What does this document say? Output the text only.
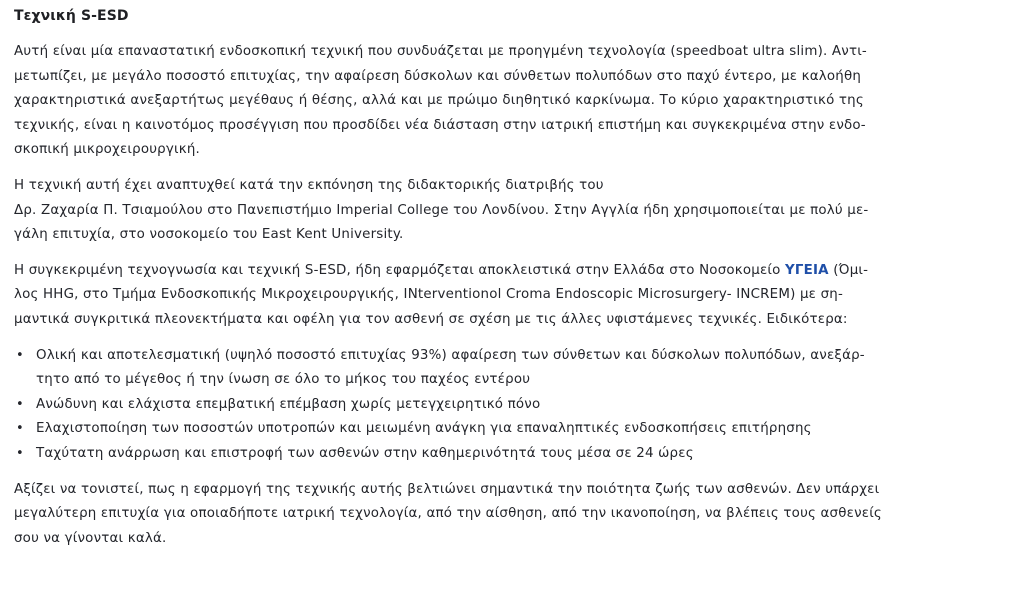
Τεχνική S-ESD

Αυτή είναι μία επαναστατική ενδοσκοπική τεχνική που συνδυάζεται με προηγμένη τεχνολογία (speedboat ultra slim). Αντι-
μετωπίζει, με μεγάλο ποσοστό επιτυχίας, την αφαίρεση δύσκολων και σύνθετων πολυπόδων στο παχύ έντερο, με καλοήθη
χαρακτηριστικά ανεξαρτήτως μεγέθαυς ή θέσης, αλλά και με πρώιμο διηθητικό καρκίνωμα. Το κύριο χαρακτηριστικό της
τεχνικής, είναι η καινοτόμος προσέγγιση που προσδίδει νέα διάσταση στην ιατρική επιστήμη και συγκεκριμένα στην ενδο-
σκοπική μικροχειρουργική.

Η τεχνική αυτή έχει αναπτυχθεί κατά την εκπόνηση της διδακτορικής διατριβής του
Δρ. Ζαχαρία Π. Τσιαμούλου στο Πανεπιστήμιο Imperial College του Λονδίνου. Στην Αγγλία ήδη χρησιμοποιείται με πολύ με-
γάλη επιτυχία, στο νοσοκομείο του East Kent University.

Η συγκεκριμένη τεχνογνωσία και τεχνική S-ESD, ήδη εφαρμόζεται αποκλειστικά στην Ελλάδα στο Νοσοκομείο ΥΓΕΙΑ (Όμι-
λος HHG, στο Τμήμα Ενδοσκοπικής Μικροχειρουργικής, INterventionol Croma Endoscopic Microsurgery- INCREM) με ση-
μαντικά συγκριτικά πλεονεκτήματα και οφέλη για τον ασθενή σε σχέση με τις άλλες υφιστάμενες τεχνικές. Ειδικότερα:

• Ολική και αποτελεσματική (υψηλό ποσοστό επιτυχίας 93%) αφαίρεση των σύνθετων και δύσκολων πολυπόδων, ανεξάρ-
τητο από το μέγεθος ή την ίνωση σε όλο το μήκος του παχέος εντέρου
• Ανώδυνη και ελάχιστα επεμβατική επέμβαση χωρίς μετεγχειρητικό πόνο
• Ελαχιστοποίηση των ποσοστών υποτροπών και μειωμένη ανάγκη για επαναληπτικές ενδοσκοπήσεις επιτήρησης
• Ταχύτατη ανάρρωση και επιστροφή των ασθενών στην καθημερινότητά τους μέσα σε 24 ώρες

Αξίζει να τονιστεί, πως η εφαρμογή της τεχνικής αυτής βελτιώνει σημαντικά την ποιότητα ζωής των ασθενών. Δεν υπάρχει
μεγαλύτερη επιτυχία για οποιαδήποτε ιατρική τεχνολογία, από την αίσθηση, από την ικανοποίηση, να βλέπεις τους ασθενείς
σου να γίνονται καλά.
